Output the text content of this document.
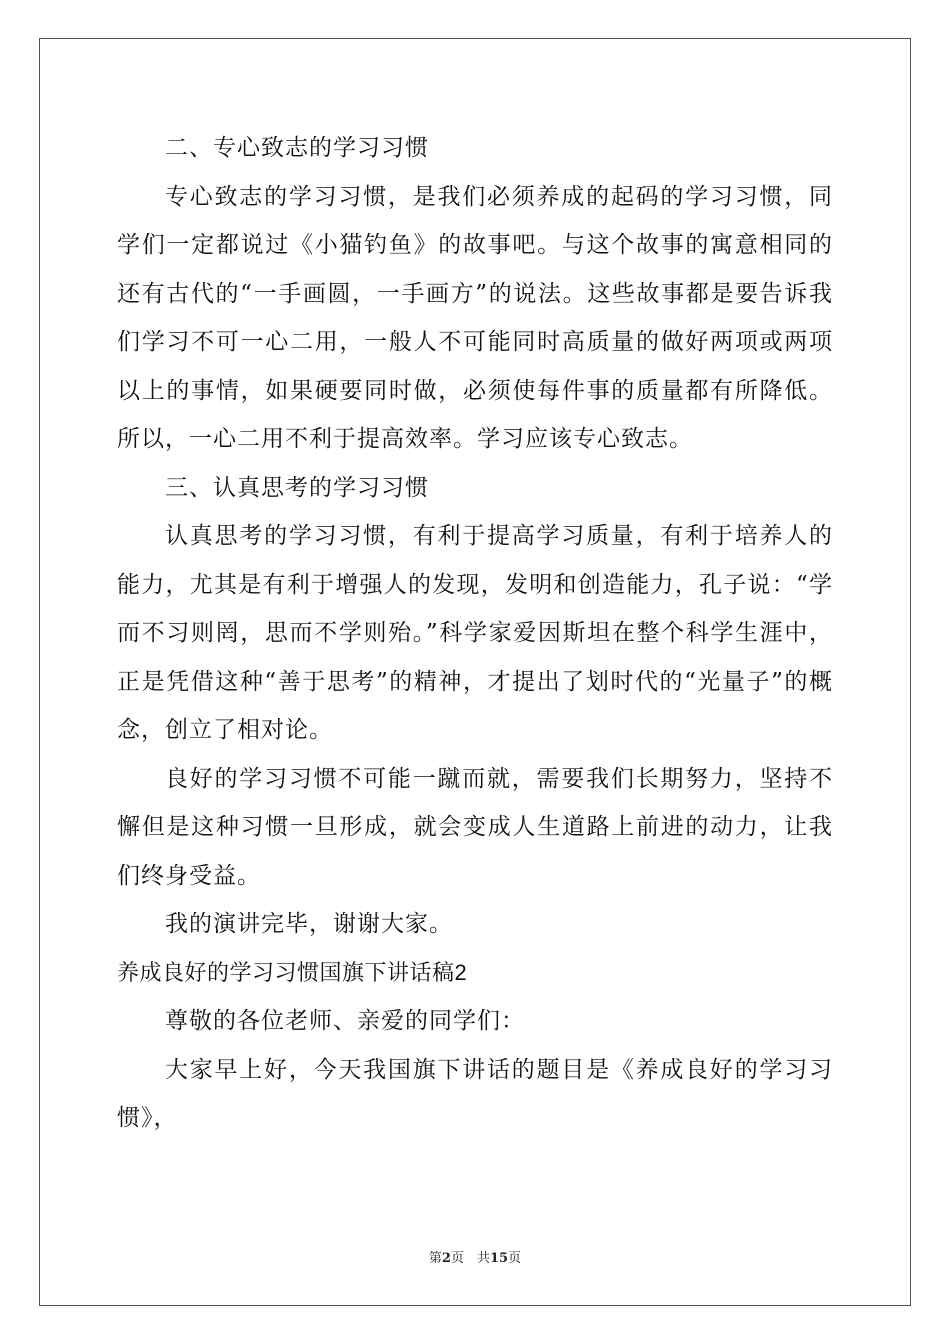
二、专心致志的学习习惯

专心致志的学习习惯，是我们必须养成的起码的学习习惯，同学们一定都说过《小猫钓鱼》的故事吧。与这个故事的寓意相同的还有古代的“一手画圆，一手画方”的说法。这些故事都是要告诉我们学习不可一心二用，一般人不可能同时高质量的做好两项或两项以上的事情，如果硬要同时做，必须使每件事的质量都有所降低。所以，一心二用不利于提高效率。学习应该专心致志。

三、认真思考的学习习惯

认真思考的学习习惯，有利于提高学习质量，有利于培养人的能力，尤其是有利于增强人的发现，发明和创造能力，孔子说：“学而不习则罔，思而不学则殆。”科学家爱因斯坦在整个科学生涯中，正是凭借这种“善于思考”的精神，才提出了划时代的“光量子”的概念，创立了相对论。

良好的学习习惯不可能一蹴而就，需要我们长期努力，坚持不懈但是这种习惯一旦形成，就会变成人生道路上前进的动力，让我们终身受益。

我的演讲完毕，谢谢大家。

养成良好的学习习惯国旗下讲话稿2

尊敬的各位老师、亲爱的同学们：

大家早上好，今天我国旗下讲话的题目是《养成良好的学习习惯》，

第2页　共15页
